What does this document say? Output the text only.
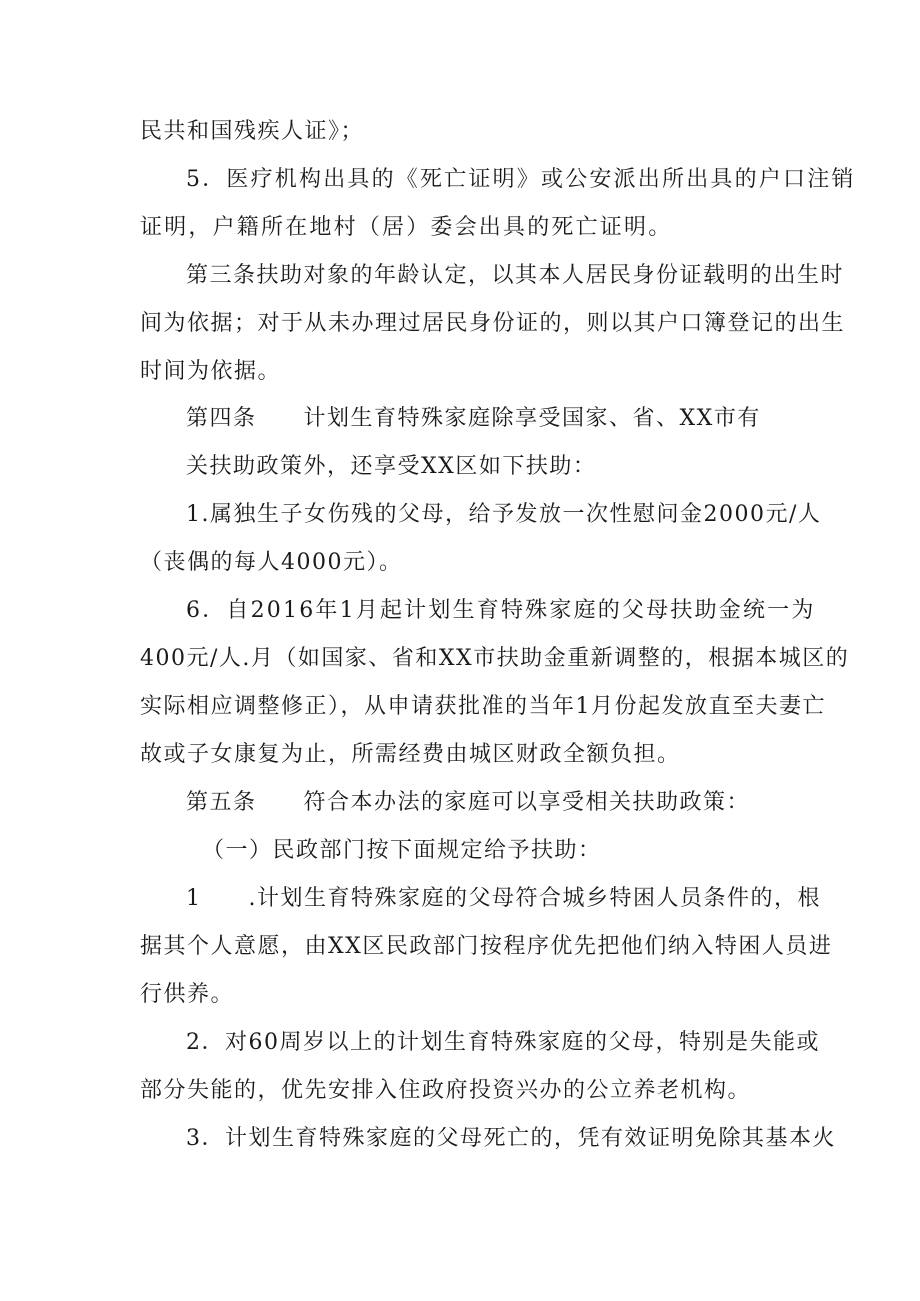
民共和国残疾人证》；
5．医疗机构出具的《死亡证明》或公安派出所出具的户口注销
证明，户籍所在地村（居）委会出具的死亡证明。
第三条扶助对象的年龄认定，以其本人居民身份证载明的出生时
间为依据；对于从未办理过居民身份证的，则以其户口簿登记的出生
时间为依据。
第四条　　计划生育特殊家庭除享受国家、省、XX市有
关扶助政策外，还享受XX区如下扶助：
1.属独生子女伤残的父母，给予发放一次性慰问金2000元/人
（丧偶的每人4000元）。
6．自2016年1月起计划生育特殊家庭的父母扶助金统一为
400元/人.月（如国家、省和XX市扶助金重新调整的，根据本城区的
实际相应调整修正），从申请获批准的当年1月份起发放直至夫妻亡
故或子女康复为止，所需经费由城区财政全额负担。
第五条　　符合本办法的家庭可以享受相关扶助政策：
（一）民政部门按下面规定给予扶助：
1　　.计划生育特殊家庭的父母符合城乡特困人员条件的，根
据其个人意愿，由XX区民政部门按程序优先把他们纳入特困人员进
行供养。
2．对60周岁以上的计划生育特殊家庭的父母，特别是失能或
部分失能的，优先安排入住政府投资兴办的公立养老机构。
3．计划生育特殊家庭的父母死亡的，凭有效证明免除其基本火
